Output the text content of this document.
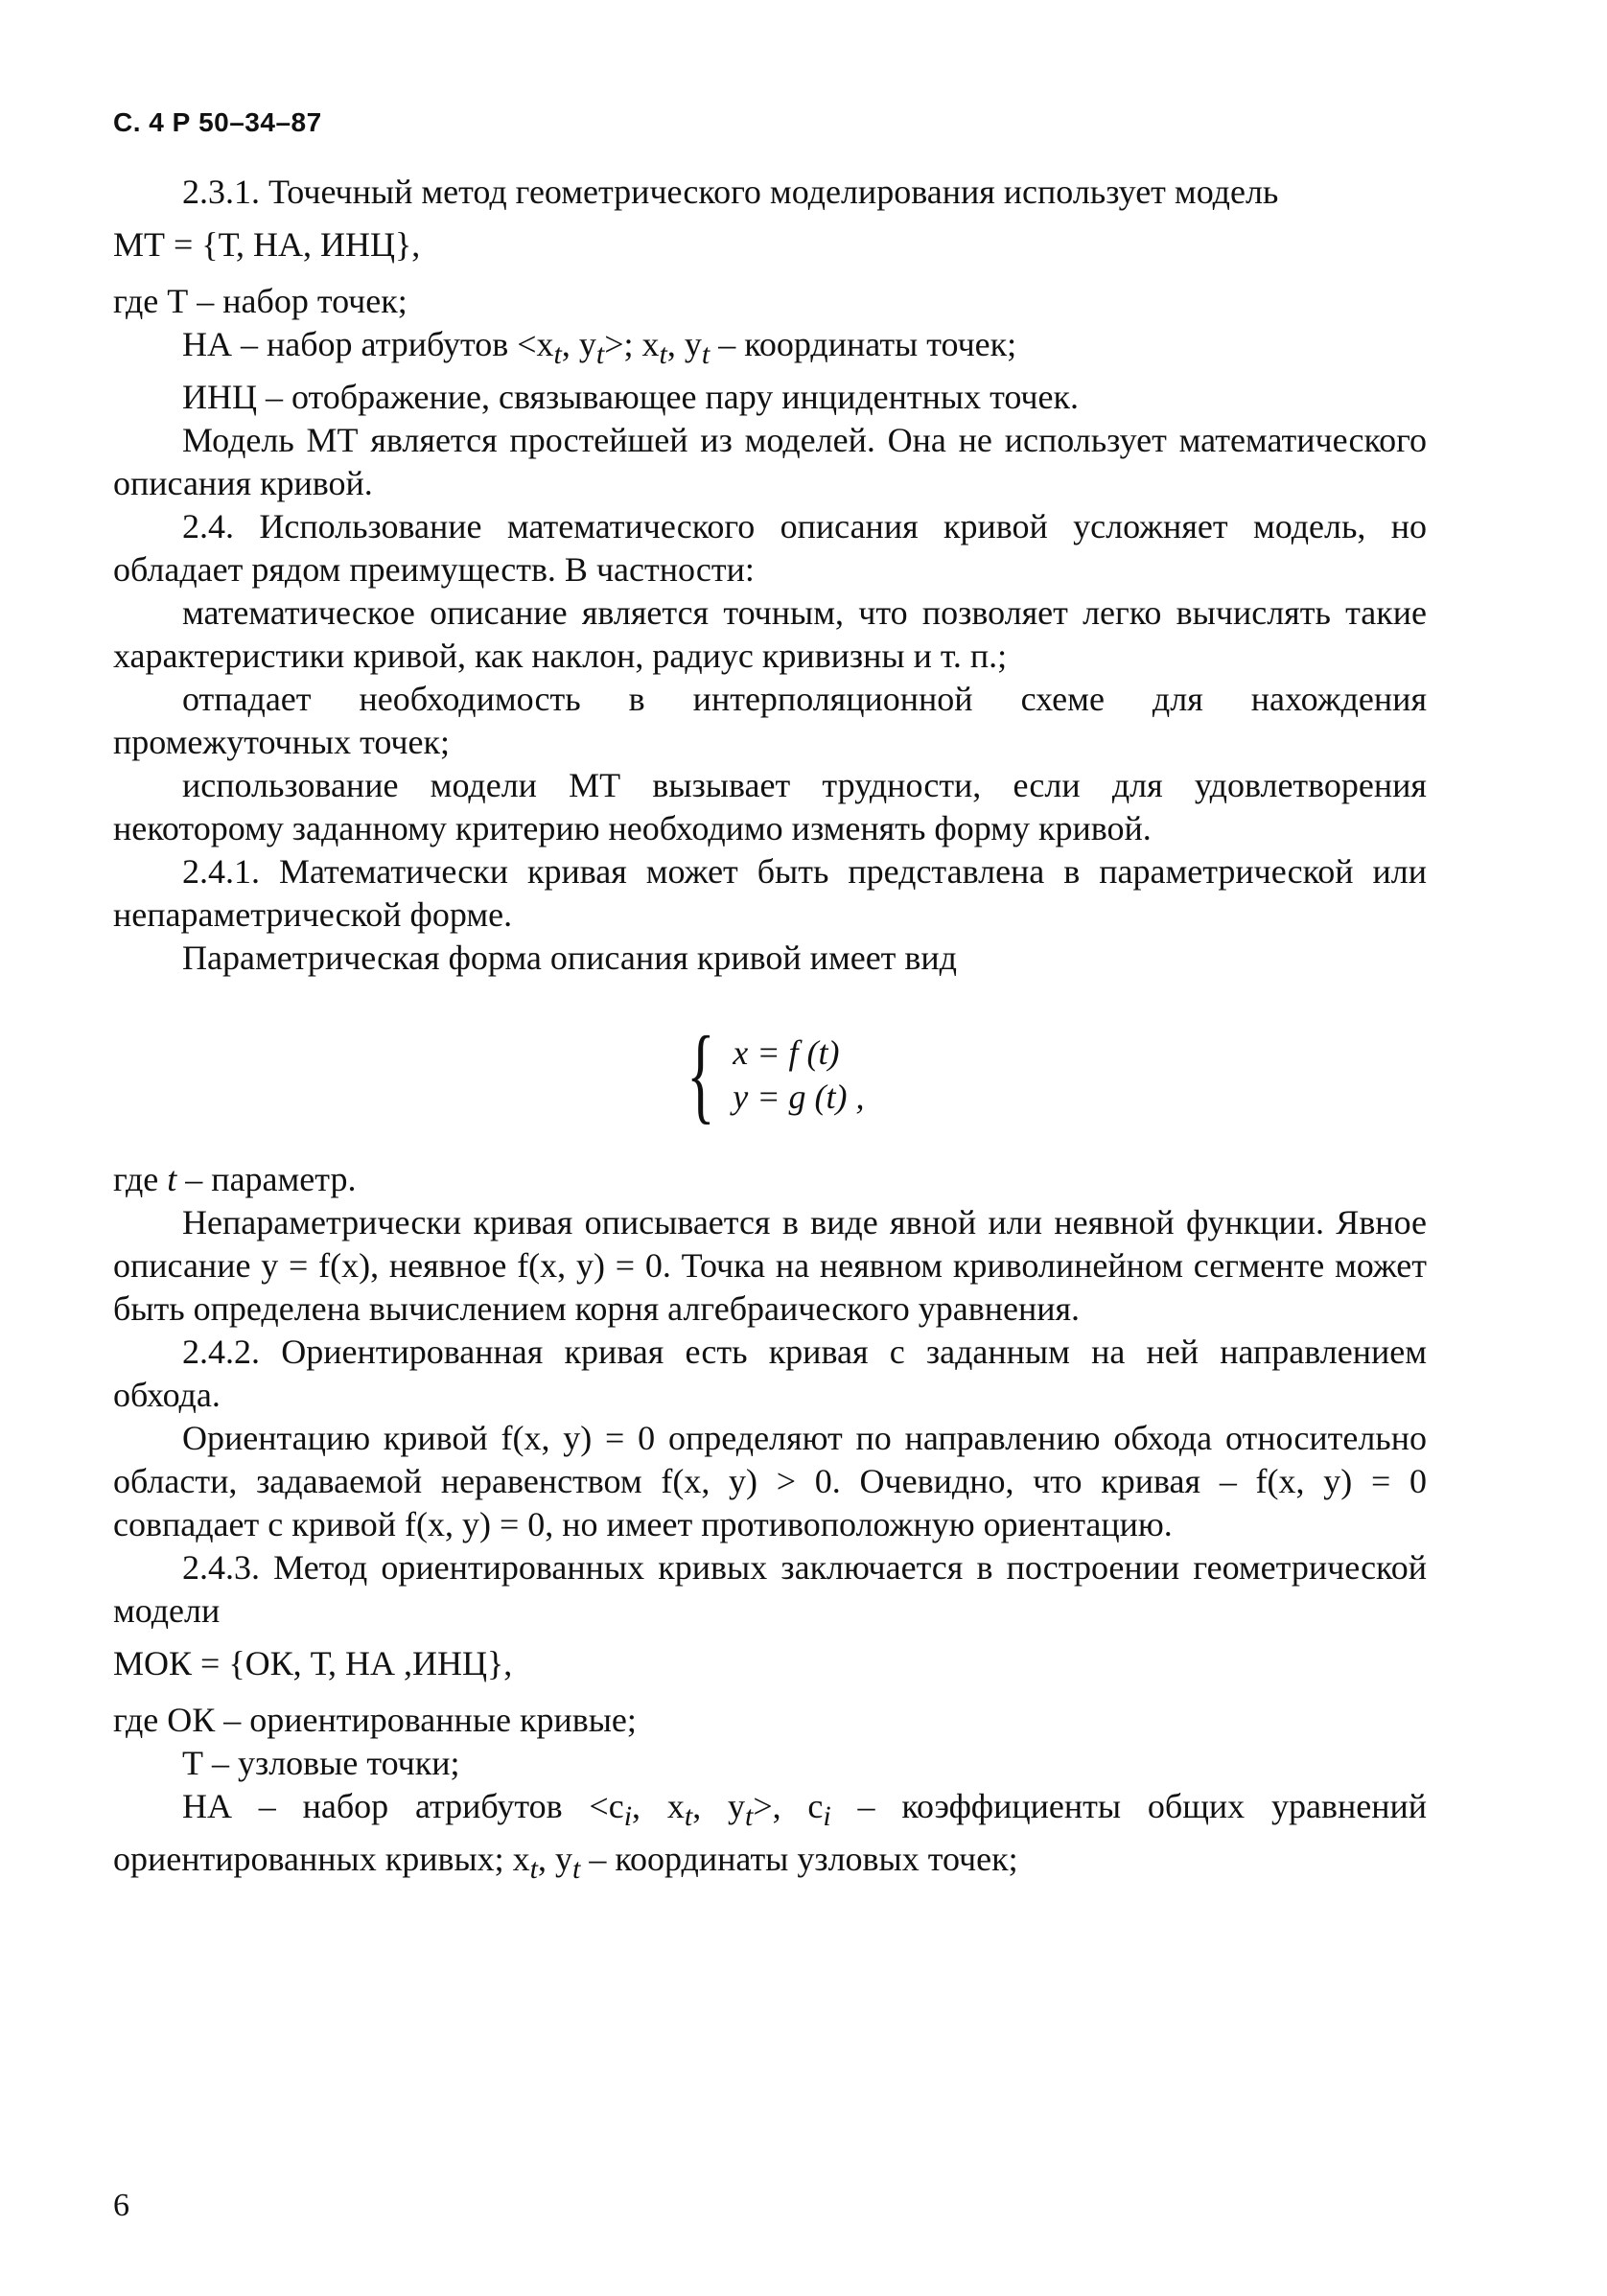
С. 4 Р 50–34–87

2.3.1. Точечный метод геометрического моделирования использует модель

МТ = {Т, НА, ИНЦ},

где Т – набор точек;

НА – набор атрибутов $<x_t$, $y_t>$; $x_t$, $y_t$ – координаты точек;

ИНЦ – отображение, связывающее пару инцидентных точек.

Модель МТ является простейшей из моделей. Она не использует математического описания кривой.

2.4. Использование математического описания кривой усложняет модель, но обладает рядом преимуществ. В частности:

математическое описание является точным, что позволяет легко вычислять такие характеристики кривой, как наклон, радиус кривизны и т. п.;

отпадает необходимость в интерполяционной схеме для нахождения промежуточных точек;

использование модели МТ вызывает трудности, если для удовлетворения некоторому заданному критерию необходимо изменять форму кривой.

2.4.1. Математически кривая может быть представлена в параметрической или непараметрической форме.

Параметрическая форма описания кривой имеет вид

{ x = f (t)
y = g (t) ,

где t – параметр.

Непараметрически кривая описывается в виде явной или неявной функции. Явное описание y = f(x), неявное f(x, y) = 0. Точка на неявном криволинейном сегменте может быть определена вычислением корня алгебраического уравнения.

2.4.2. Ориентированная кривая есть кривая с заданным на ней направлением обхода.

Ориентацию кривой f(x, y) = 0 определяют по направлению обхода относительно области, задаваемой неравенством f(x, y) > 0. Очевидно, что кривая – f(x, y) = 0 совпадает с кривой f(x, y) = 0, но имеет противоположную ориентацию.

2.4.3. Метод ориентированных кривых заключается в построении геометрической модели

МОК = {ОК, Т, НА ,ИНЦ},

где ОК – ориентированные кривые;

Т – узловые точки;

НА – набор атрибутов $<c_i$, $x_t$, $y_t>$, $c_i$ – коэффициенты общих уравнений ориентированных кривых; $x_t$, $y_t$ – координаты узловых точек;

6
